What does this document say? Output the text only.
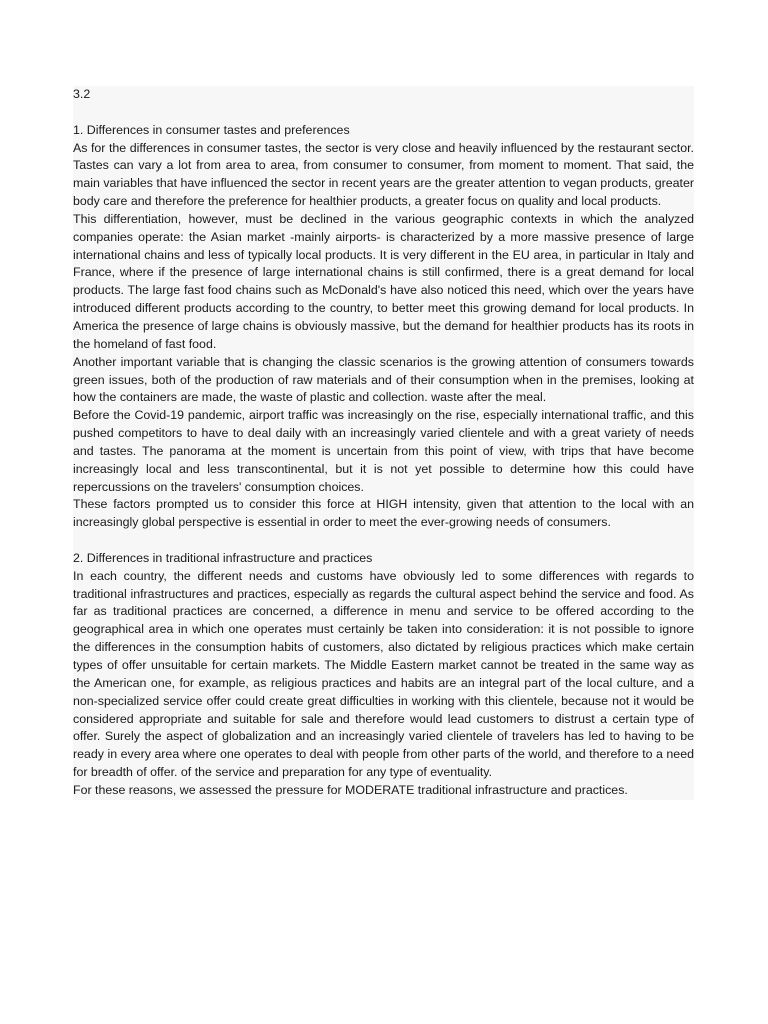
3.2
1. Differences in consumer tastes and preferences

As for the differences in consumer tastes, the sector is very close and heavily influenced by the restaurant sector. Tastes can vary a lot from area to area, from consumer to consumer, from moment to moment. That said, the main variables that have influenced the sector in recent years are the greater attention to vegan products, greater body care and therefore the preference for healthier products, a greater focus on quality and local products.

This differentiation, however, must be declined in the various geographic contexts in which the analyzed companies operate: the Asian market -mainly airports- is characterized by a more massive presence of large international chains and less of typically local products. It is very different in the EU area, in particular in Italy and France, where if the presence of large international chains is still confirmed, there is a great demand for local products. The large fast food chains such as McDonald's have also noticed this need, which over the years have introduced different products according to the country, to better meet this growing demand for local products. In America the presence of large chains is obviously massive, but the demand for healthier products has its roots in the homeland of fast food.

Another important variable that is changing the classic scenarios is the growing attention of consumers towards green issues, both of the production of raw materials and of their consumption when in the premises, looking at how the containers are made, the waste of plastic and collection. waste after the meal.

Before the Covid-19 pandemic, airport traffic was increasingly on the rise, especially international traffic, and this pushed competitors to have to deal daily with an increasingly varied clientele and with a great variety of needs and tastes. The panorama at the moment is uncertain from this point of view, with trips that have become increasingly local and less transcontinental, but it is not yet possible to determine how this could have repercussions on the travelers' consumption choices.

These factors prompted us to consider this force at HIGH intensity, given that attention to the local with an increasingly global perspective is essential in order to meet the ever-growing needs of consumers.

2. Differences in traditional infrastructure and practices

In each country, the different needs and customs have obviously led to some differences with regards to traditional infrastructures and practices, especially as regards the cultural aspect behind the service and food. As far as traditional practices are concerned, a difference in menu and service to be offered according to the geographical area in which one operates must certainly be taken into consideration: it is not possible to ignore the differences in the consumption habits of customers, also dictated by religious practices which make certain types of offer unsuitable for certain markets. The Middle Eastern market cannot be treated in the same way as the American one, for example, as religious practices and habits are an integral part of the local culture, and a non-specialized service offer could create great difficulties in working with this clientele, because not it would be considered appropriate and suitable for sale and therefore would lead customers to distrust a certain type of offer. Surely the aspect of globalization and an increasingly varied clientele of travelers has led to having to be ready in every area where one operates to deal with people from other parts of the world, and therefore to a need for breadth of offer. of the service and preparation for any type of eventuality.

For these reasons, we assessed the pressure for MODERATE traditional infrastructure and practices.
